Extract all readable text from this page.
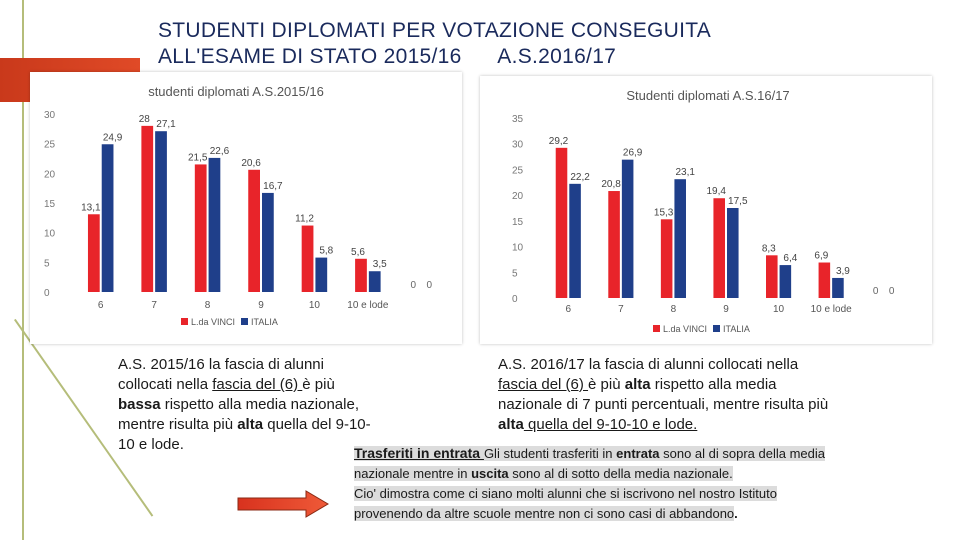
STUDENTI DIPLOMATI PER VOTAZIONE CONSEGUITA
ALL'ESAME DI STATO 2015/16      A.S.2016/17
studenti diplomati A.S.2015/16
0
5
10
15
20
25
30
13,1
24,9
6
28 27,1
7
21,5
22,6
8
20,6
16,7
9
11,2
5,8
10
5,6
3,5
10 e lode
0 0
L.da VINCI ITALIA
Studenti diplomati A.S.16/17
0
5
10
15
20
25
30
35
29,2
22,2
6
20,8
26,9
7
15,3
23,1
8
19,4
17,5
9
8,3
6,4
10
6,9
3,9
10 e lode
0 0
L.da VINCI ITALIA
A.S. 2015/16 la fascia di alunni
collocati nella fascia del (6) è più
bassa rispetto alla media nazionale,
mentre risulta più alta quella del 9-10-
10 e lode.
A.S. 2016/17 la fascia di alunni collocati nella
fascia del (6) è più alta rispetto alla media
nazionale di 7 punti percentuali, mentre risulta più
alta quella del 9-10-10 e lode.
Trasferiti in entrata Gli studenti trasferiti in entrata sono al di sopra della media
nazionale mentre in uscita sono al di sotto della media nazionale.
Cio' dimostra come ci siano molti alunni che si iscrivono nel nostro Istituto
provenendo da altre scuole mentre non ci sono casi di abbandono.
